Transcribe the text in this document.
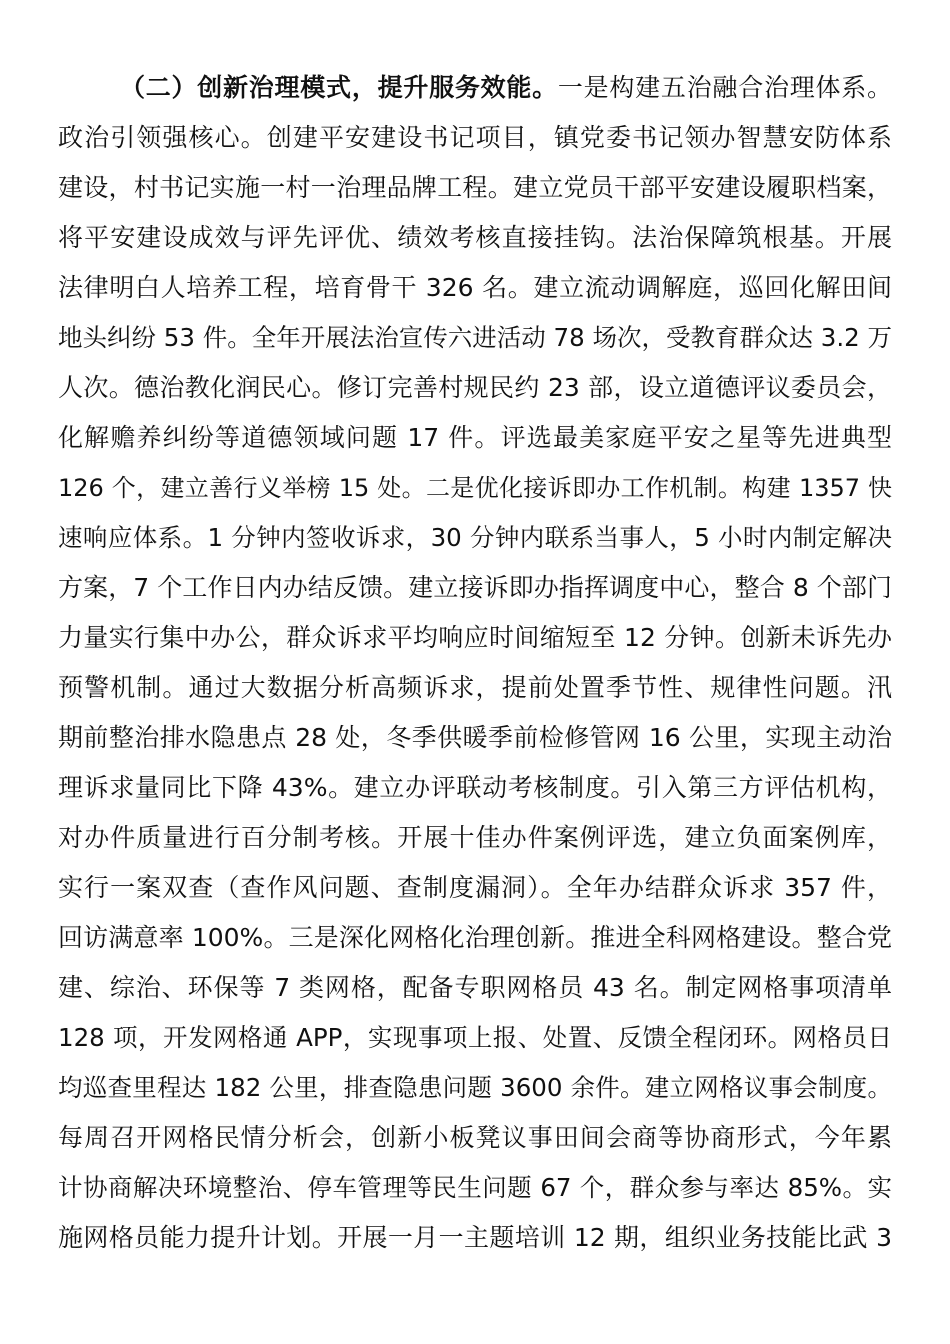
（二）创新治理模式，提升服务效能。一是构建五治融合治理体系。
政治引领强核心。创建平安建设书记项目，镇党委书记领办智慧安防体系
建设，村书记实施一村一治理品牌工程。建立党员干部平安建设履职档案，
将平安建设成效与评先评优、绩效考核直接挂钩。法治保障筑根基。开展
法律明白人培养工程，培育骨干 326 名。建立流动调解庭，巡回化解田间
地头纠纷 53 件。全年开展法治宣传六进活动 78 场次，受教育群众达 3.2 万
人次。德治教化润民心。修订完善村规民约 23 部，设立道德评议委员会，
化解赡养纠纷等道德领域问题 17 件。评选最美家庭平安之星等先进典型
126 个，建立善行义举榜 15 处。二是优化接诉即办工作机制。构建 1357 快
速响应体系。1 分钟内签收诉求，30 分钟内联系当事人，5 小时内制定解决
方案，7 个工作日内办结反馈。建立接诉即办指挥调度中心，整合 8 个部门
力量实行集中办公，群众诉求平均响应时间缩短至 12 分钟。创新未诉先办
预警机制。通过大数据分析高频诉求，提前处置季节性、规律性问题。汛
期前整治排水隐患点 28 处，冬季供暖季前检修管网 16 公里，实现主动治
理诉求量同比下降 43%。建立办评联动考核制度。引入第三方评估机构，
对办件质量进行百分制考核。开展十佳办件案例评选，建立负面案例库，
实行一案双查（查作风问题、查制度漏洞）。全年办结群众诉求 357 件，
回访满意率 100%。三是深化网格化治理创新。推进全科网格建设。整合党
建、综治、环保等 7 类网格，配备专职网格员 43 名。制定网格事项清单
128 项，开发网格通 APP，实现事项上报、处置、反馈全程闭环。网格员日
均巡查里程达 182 公里，排查隐患问题 3600 余件。建立网格议事会制度。
每周召开网格民情分析会，创新小板凳议事田间会商等协商形式，今年累
计协商解决环境整治、停车管理等民生问题 67 个，群众参与率达 85%。实
施网格员能力提升计划。开展一月一主题培训 12 期，组织业务技能比武 3
